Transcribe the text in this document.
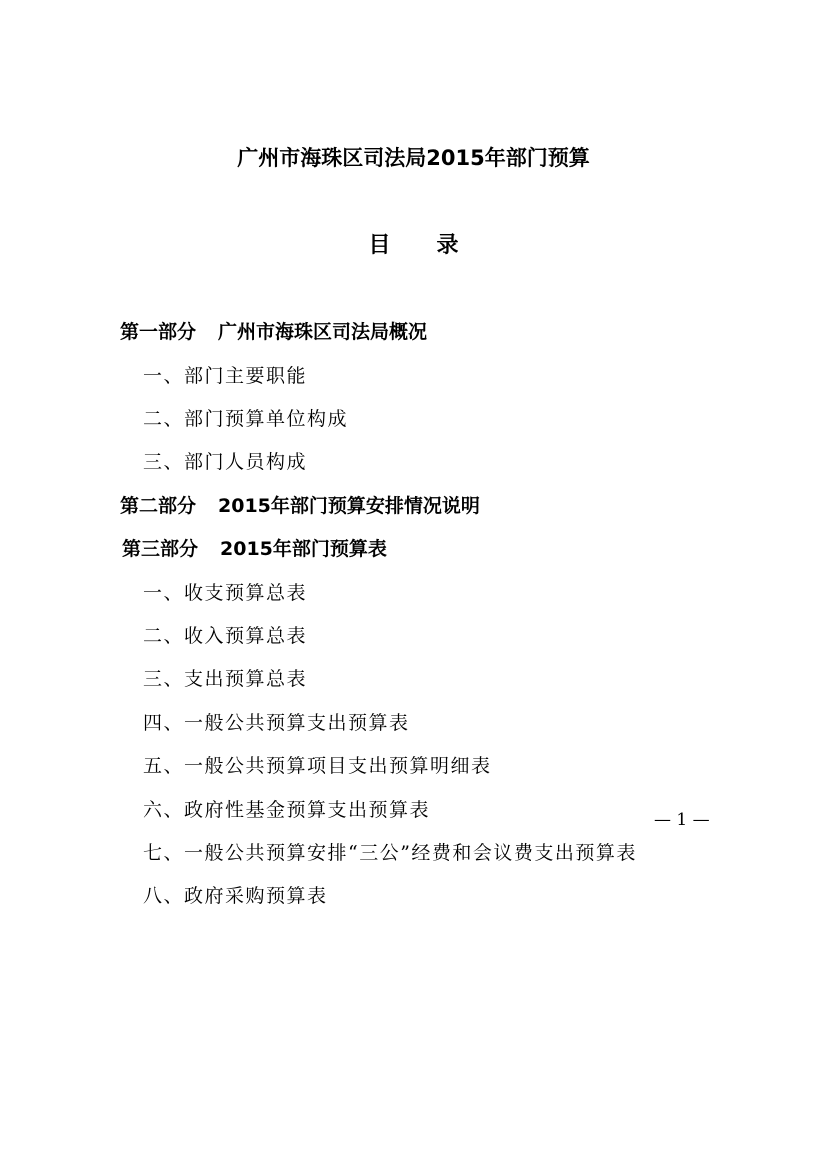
广州市海珠区司法局2015年部门预算
目 录
第一部分 广州市海珠区司法局概况
一、部门主要职能
二、部门预算单位构成
三、部门人员构成
第二部分 2015年部门预算安排情况说明
第三部分 2015年部门预算表
一、收支预算总表
二、收入预算总表
三、支出预算总表
四、一般公共预算支出预算表
五、一般公共预算项目支出预算明细表
六、政府性基金预算支出预算表
七、一般公共预算安排“三公”经费和会议费支出预算表
八、政府采购预算表
— 1 —
